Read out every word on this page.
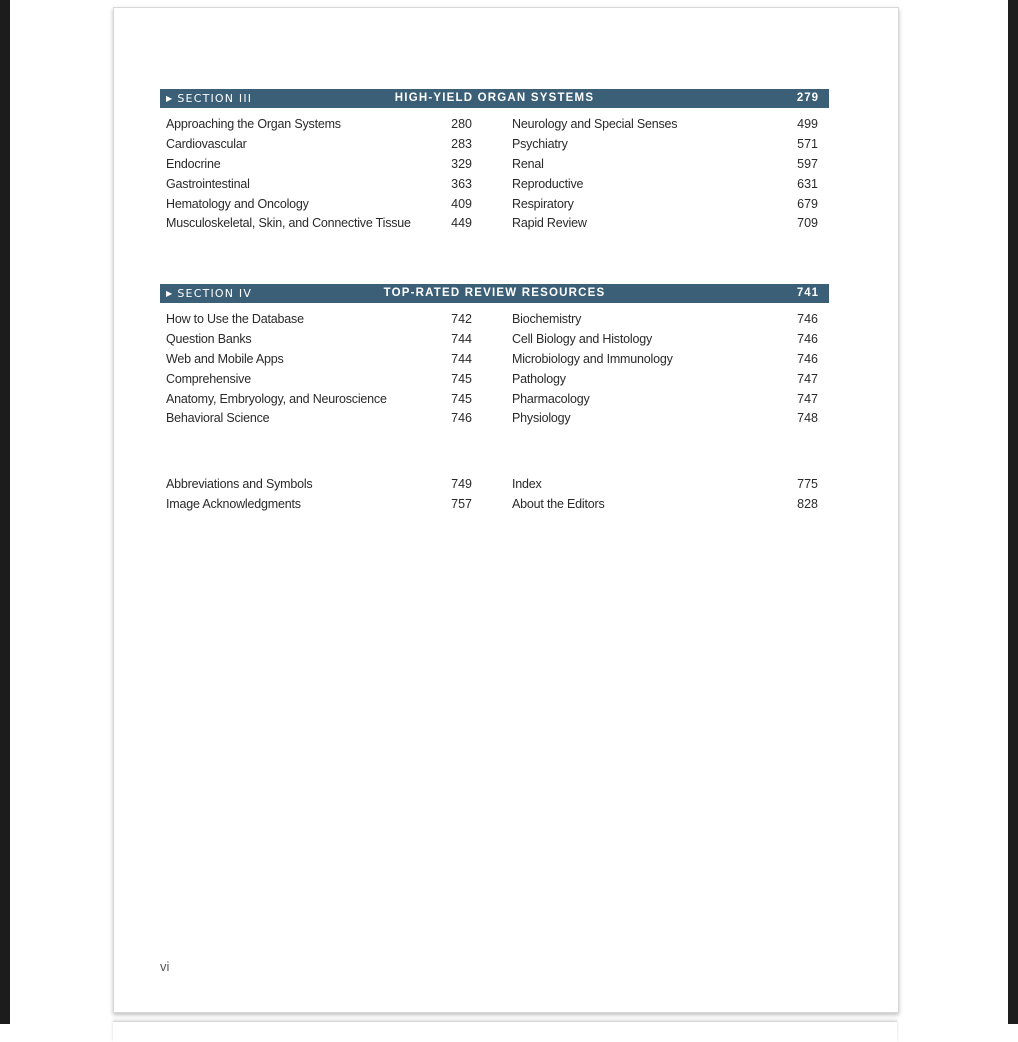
▶ SECTION III	HIGH-YIELD ORGAN SYSTEMS	279
Approaching the Organ Systems	280
Cardiovascular	283
Endocrine	329
Gastrointestinal	363
Hematology and Oncology	409
Musculoskeletal, Skin, and Connective Tissue	449
Neurology and Special Senses	499
Psychiatry	571
Renal	597
Reproductive	631
Respiratory	679
Rapid Review	709
▶ SECTION IV	TOP-RATED REVIEW RESOURCES	741
How to Use the Database	742
Question Banks	744
Web and Mobile Apps	744
Comprehensive	745
Anatomy, Embryology, and Neuroscience	745
Behavioral Science	746
Biochemistry	746
Cell Biology and Histology	746
Microbiology and Immunology	746
Pathology	747
Pharmacology	747
Physiology	748
Abbreviations and Symbols	749
Image Acknowledgments	757
Index	775
About the Editors	828
vi
